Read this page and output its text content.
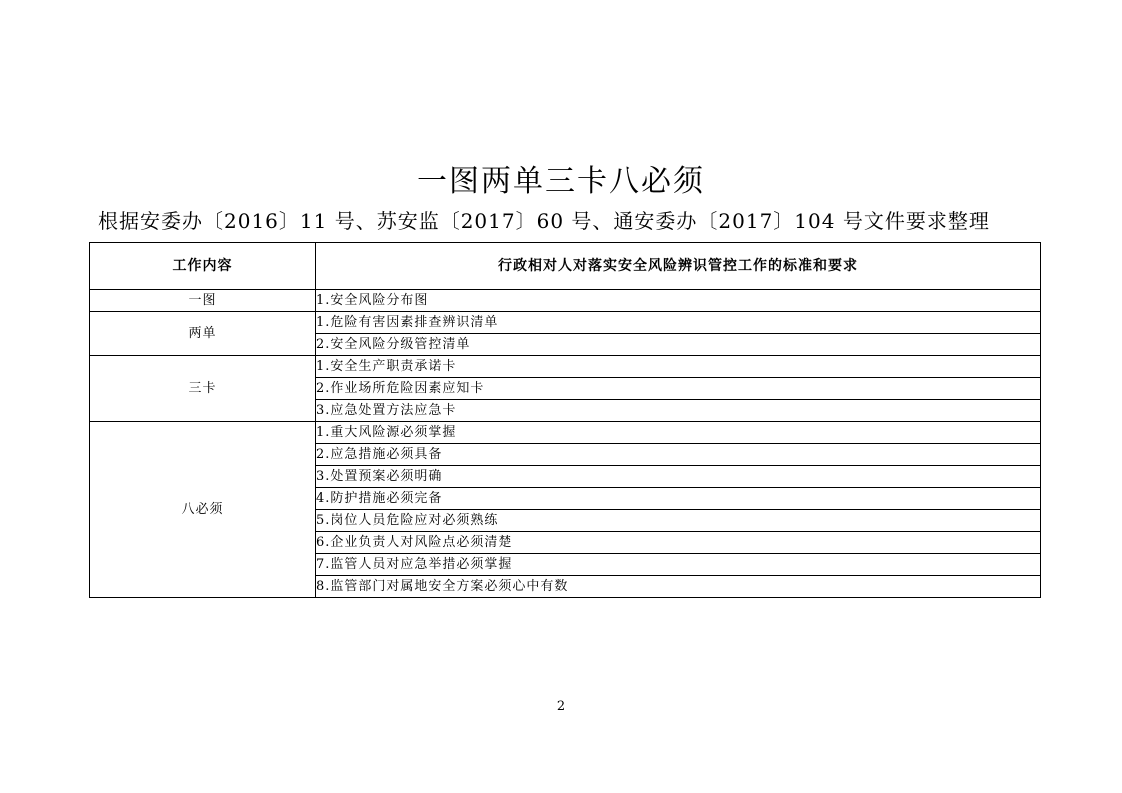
一图两单三卡八必须
根据安委办〔2016〕11 号、苏安监〔2017〕60 号、通安委办〔2017〕104 号文件要求整理
工作内容	行政相对人对落实安全风险辨识管控工作的标准和要求
一图	1.安全风险分布图
两单	1.危险有害因素排查辨识清单
	2.安全风险分级管控清单
三卡	1.安全生产职责承诺卡
	2.作业场所危险因素应知卡
	3.应急处置方法应急卡
八必须	1.重大风险源必须掌握
	2.应急措施必须具备
	3.处置预案必须明确
	4.防护措施必须完备
	5.岗位人员危险应对必须熟练
	6.企业负责人对风险点必须清楚
	7.监管人员对应急举措必须掌握
	8.监管部门对属地安全方案必须心中有数
2
